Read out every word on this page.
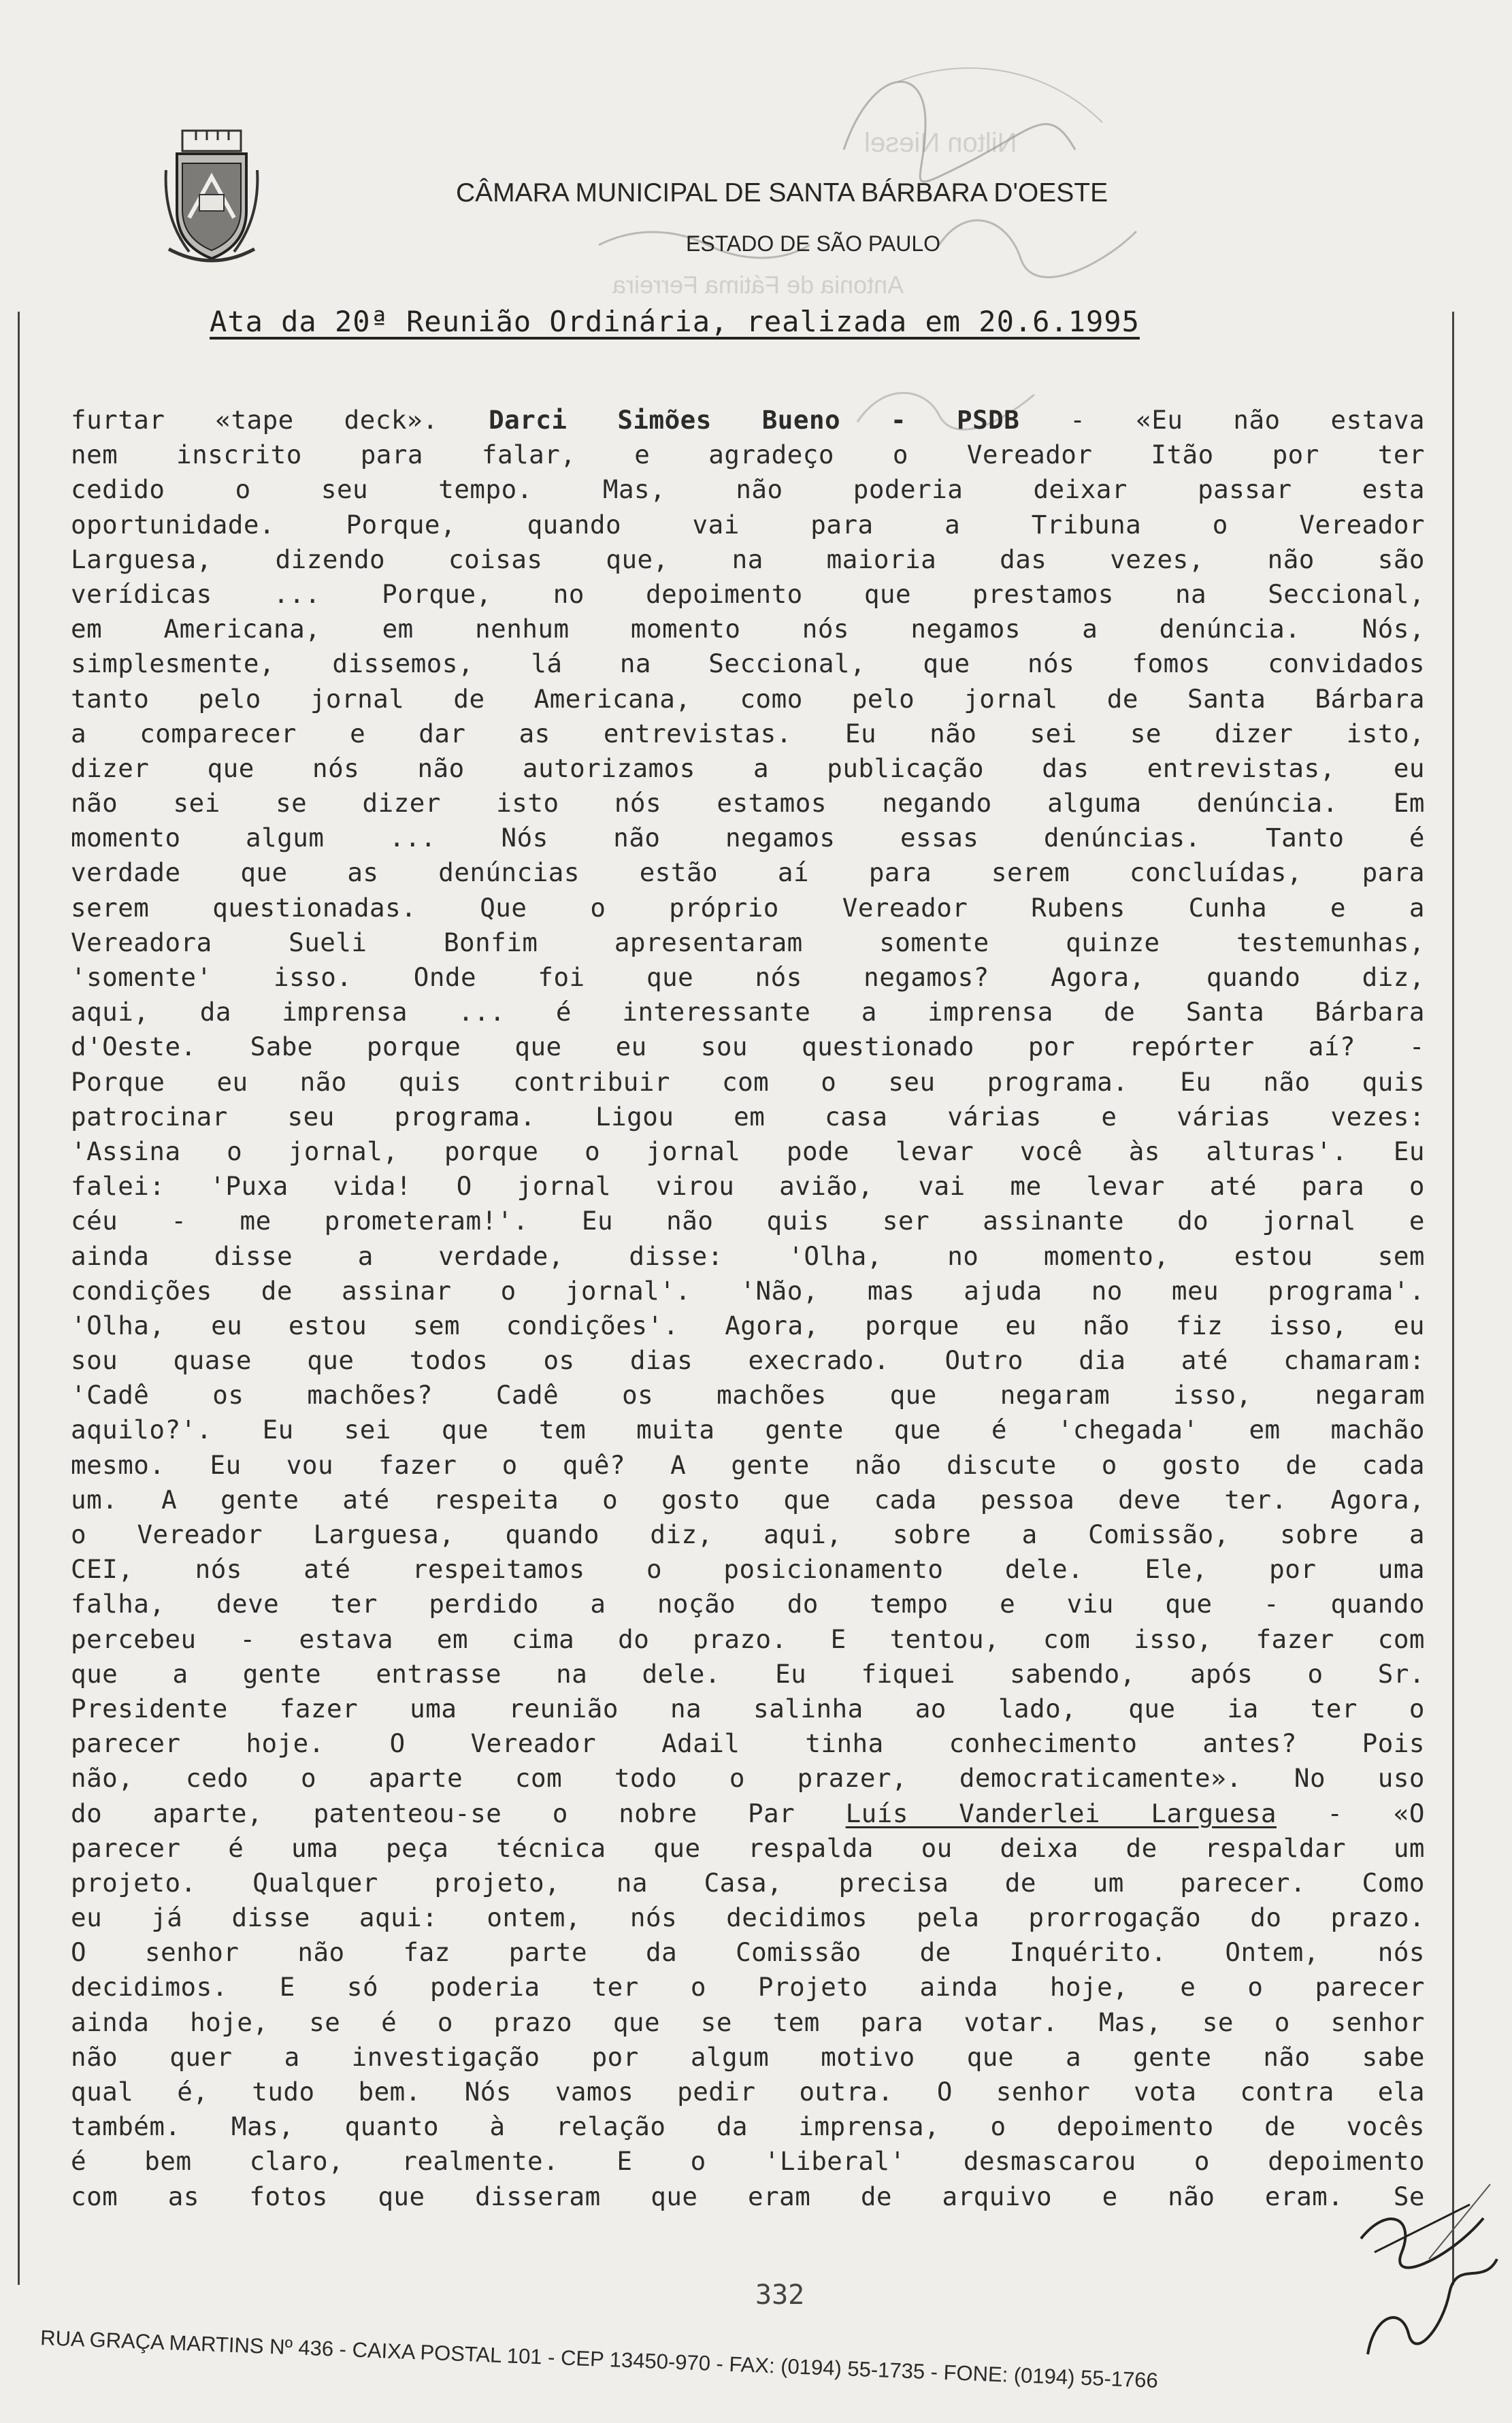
Nilton Niesel
Antonia de Fátima Ferreira
CÂMARA MUNICIPAL DE SANTA BÁRBARA D'OESTE
ESTADO DE SÃO PAULO
Ata da 20ª Reunião Ordinária, realizada em 20.6.1995
furtar «tape deck». Darci Simões Bueno - PSDB - «Eu não estava
nem inscrito para falar, e agradeço o Vereador Itão por ter
cedido o seu tempo. Mas, não poderia deixar passar esta
oportunidade. Porque, quando vai para a Tribuna o Vereador
Larguesa, dizendo coisas que, na maioria das vezes, não são
verídicas ... Porque, no depoimento que prestamos na Seccional,
em Americana, em nenhum momento nós negamos a denúncia. Nós,
simplesmente, dissemos, lá na Seccional, que nós fomos convidados
tanto pelo jornal de Americana, como pelo jornal de Santa Bárbara
a comparecer e dar as entrevistas. Eu não sei se dizer isto,
dizer que nós não autorizamos a publicação das entrevistas, eu
não sei se dizer isto nós estamos negando alguma denúncia. Em
momento algum ... Nós não negamos essas denúncias. Tanto é
verdade que as denúncias estão aí para serem concluídas, para
serem questionadas. Que o próprio Vereador Rubens Cunha e a
Vereadora Sueli Bonfim apresentaram somente quinze testemunhas,
'somente' isso. Onde foi que nós negamos? Agora, quando diz,
aqui, da imprensa ... é interessante a imprensa de Santa Bárbara
d'Oeste. Sabe porque que eu sou questionado por repórter aí? -
Porque eu não quis contribuir com o seu programa. Eu não quis
patrocinar seu programa. Ligou em casa várias e várias vezes:
'Assina o jornal, porque o jornal pode levar você às alturas'. Eu
falei: 'Puxa vida! O jornal virou avião, vai me levar até para o
céu - me prometeram!'. Eu não quis ser assinante do jornal e
ainda disse a verdade, disse: 'Olha, no momento, estou sem
condições de assinar o jornal'. 'Não, mas ajuda no meu programa'.
'Olha, eu estou sem condições'. Agora, porque eu não fiz isso, eu
sou quase que todos os dias execrado. Outro dia até chamaram:
'Cadê os machões? Cadê os machões que negaram isso, negaram
aquilo?'. Eu sei que tem muita gente que é 'chegada' em machão
mesmo. Eu vou fazer o quê? A gente não discute o gosto de cada
um. A gente até respeita o gosto que cada pessoa deve ter. Agora,
o Vereador Larguesa, quando diz, aqui, sobre a Comissão, sobre a
CEI, nós até respeitamos o posicionamento dele. Ele, por uma
falha, deve ter perdido a noção do tempo e viu que - quando
percebeu - estava em cima do prazo. E tentou, com isso, fazer com
que a gente entrasse na dele. Eu fiquei sabendo, após o Sr.
Presidente fazer uma reunião na salinha ao lado, que ia ter o
parecer hoje. O Vereador Adail tinha conhecimento antes? Pois
não, cedo o aparte com todo o prazer, democraticamente». No uso
do aparte, patenteou-se o nobre Par Luís Vanderlei Larguesa - «O
parecer é uma peça técnica que respalda ou deixa de respaldar um
projeto. Qualquer projeto, na Casa, precisa de um parecer. Como
eu já disse aqui: ontem, nós decidimos pela prorrogação do prazo.
O senhor não faz parte da Comissão de Inquérito. Ontem, nós
decidimos. E só poderia ter o Projeto ainda hoje, e o parecer
ainda hoje, se é o prazo que se tem para votar. Mas, se o senhor
não quer a investigação por algum motivo que a gente não sabe
qual é, tudo bem. Nós vamos pedir outra. O senhor vota contra ela
também. Mas, quanto à relação da imprensa, o depoimento de vocês
é bem claro, realmente. E o 'Liberal' desmascarou o depoimento
com as fotos que disseram que eram de arquivo e não eram. Se
332
RUA GRAÇA MARTINS Nº 436 - CAIXA POSTAL 101 - CEP 13450-970 - FAX: (0194) 55-1735 - FONE: (0194) 55-1766
